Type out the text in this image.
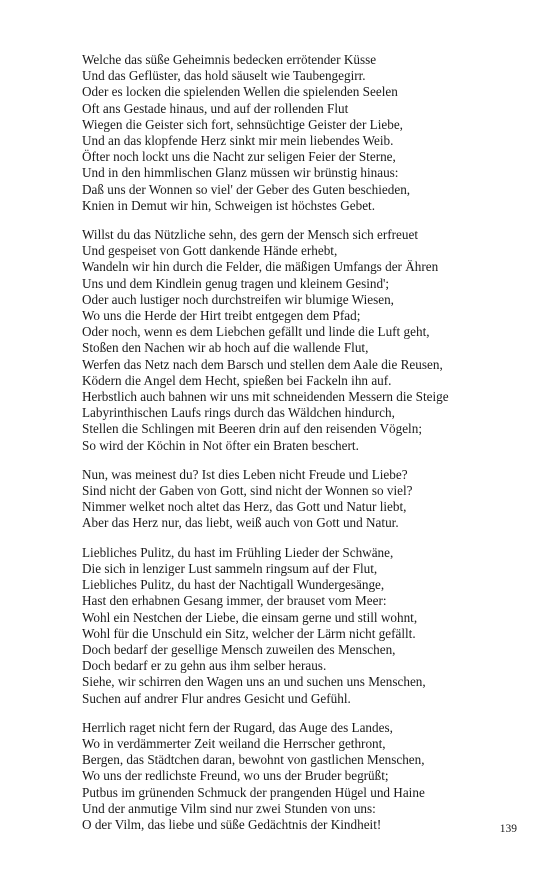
Welche das süße Geheimnis bedecken errötender Küsse
Und das Geflüster, das hold säuselt wie Taubengegirr.
Oder es locken die spielenden Wellen die spielenden Seelen
Oft ans Gestade hinaus, und auf der rollenden Flut
Wiegen die Geister sich fort, sehnsüchtige Geister der Liebe,
Und an das klopfende Herz sinkt mir mein liebendes Weib.
Öfter noch lockt uns die Nacht zur seligen Feier der Sterne,
Und in den himmlischen Glanz müssen wir brünstig hinaus:
Daß uns der Wonnen so viel' der Geber des Guten beschieden,
Knien in Demut wir hin, Schweigen ist höchstes Gebet.
Willst du das Nützliche sehn, des gern der Mensch sich erfreuet
Und gespeiset von Gott dankende Hände erhebt,
Wandeln wir hin durch die Felder, die mäßigen Umfangs der Ähren
Uns und dem Kindlein genug tragen und kleinem Gesind';
Oder auch lustiger noch durchstreifen wir blumige Wiesen,
Wo uns die Herde der Hirt treibt entgegen dem Pfad;
Oder noch, wenn es dem Liebchen gefällt und linde die Luft geht,
Stoßen den Nachen wir ab hoch auf die wallende Flut,
Werfen das Netz nach dem Barsch und stellen dem Aale die Reusen,
Ködern die Angel dem Hecht, spießen bei Fackeln ihn auf.
Herbstlich auch bahnen wir uns mit schneidenden Messern die Steige
Labyrinthischen Laufs rings durch das Wäldchen hindurch,
Stellen die Schlingen mit Beeren drin auf den reisenden Vögeln;
So wird der Köchin in Not öfter ein Braten beschert.
Nun, was meinest du? Ist dies Leben nicht Freude und Liebe?
Sind nicht der Gaben von Gott, sind nicht der Wonnen so viel?
Nimmer welket noch altet das Herz, das Gott und Natur liebt,
Aber das Herz nur, das liebt, weiß auch von Gott und Natur.
Liebliches Pulitz, du hast im Frühling Lieder der Schwäne,
Die sich in lenziger Lust sammeln ringsum auf der Flut,
Liebliches Pulitz, du hast der Nachtigall Wundergesänge,
Hast den erhabnen Gesang immer, der brauset vom Meer:
Wohl ein Nestchen der Liebe, die einsam gerne und still wohnt,
Wohl für die Unschuld ein Sitz, welcher der Lärm nicht gefällt.
Doch bedarf der gesellige Mensch zuweilen des Menschen,
Doch bedarf er zu gehn aus ihm selber heraus.
Siehe, wir schirren den Wagen uns an und suchen uns Menschen,
Suchen auf andrer Flur andres Gesicht und Gefühl.
Herrlich raget nicht fern der Rugard, das Auge des Landes,
Wo in verdämmerter Zeit weiland die Herrscher gethront,
Bergen, das Städtchen daran, bewohnt von gastlichen Menschen,
Wo uns der redlichste Freund, wo uns der Bruder begrüßt;
Putbus im grünenden Schmuck der prangenden Hügel und Haine
Und der anmutige Vilm sind nur zwei Stunden von uns:
O der Vilm, das liebe und süße Gedächtnis der Kindheit!	139
